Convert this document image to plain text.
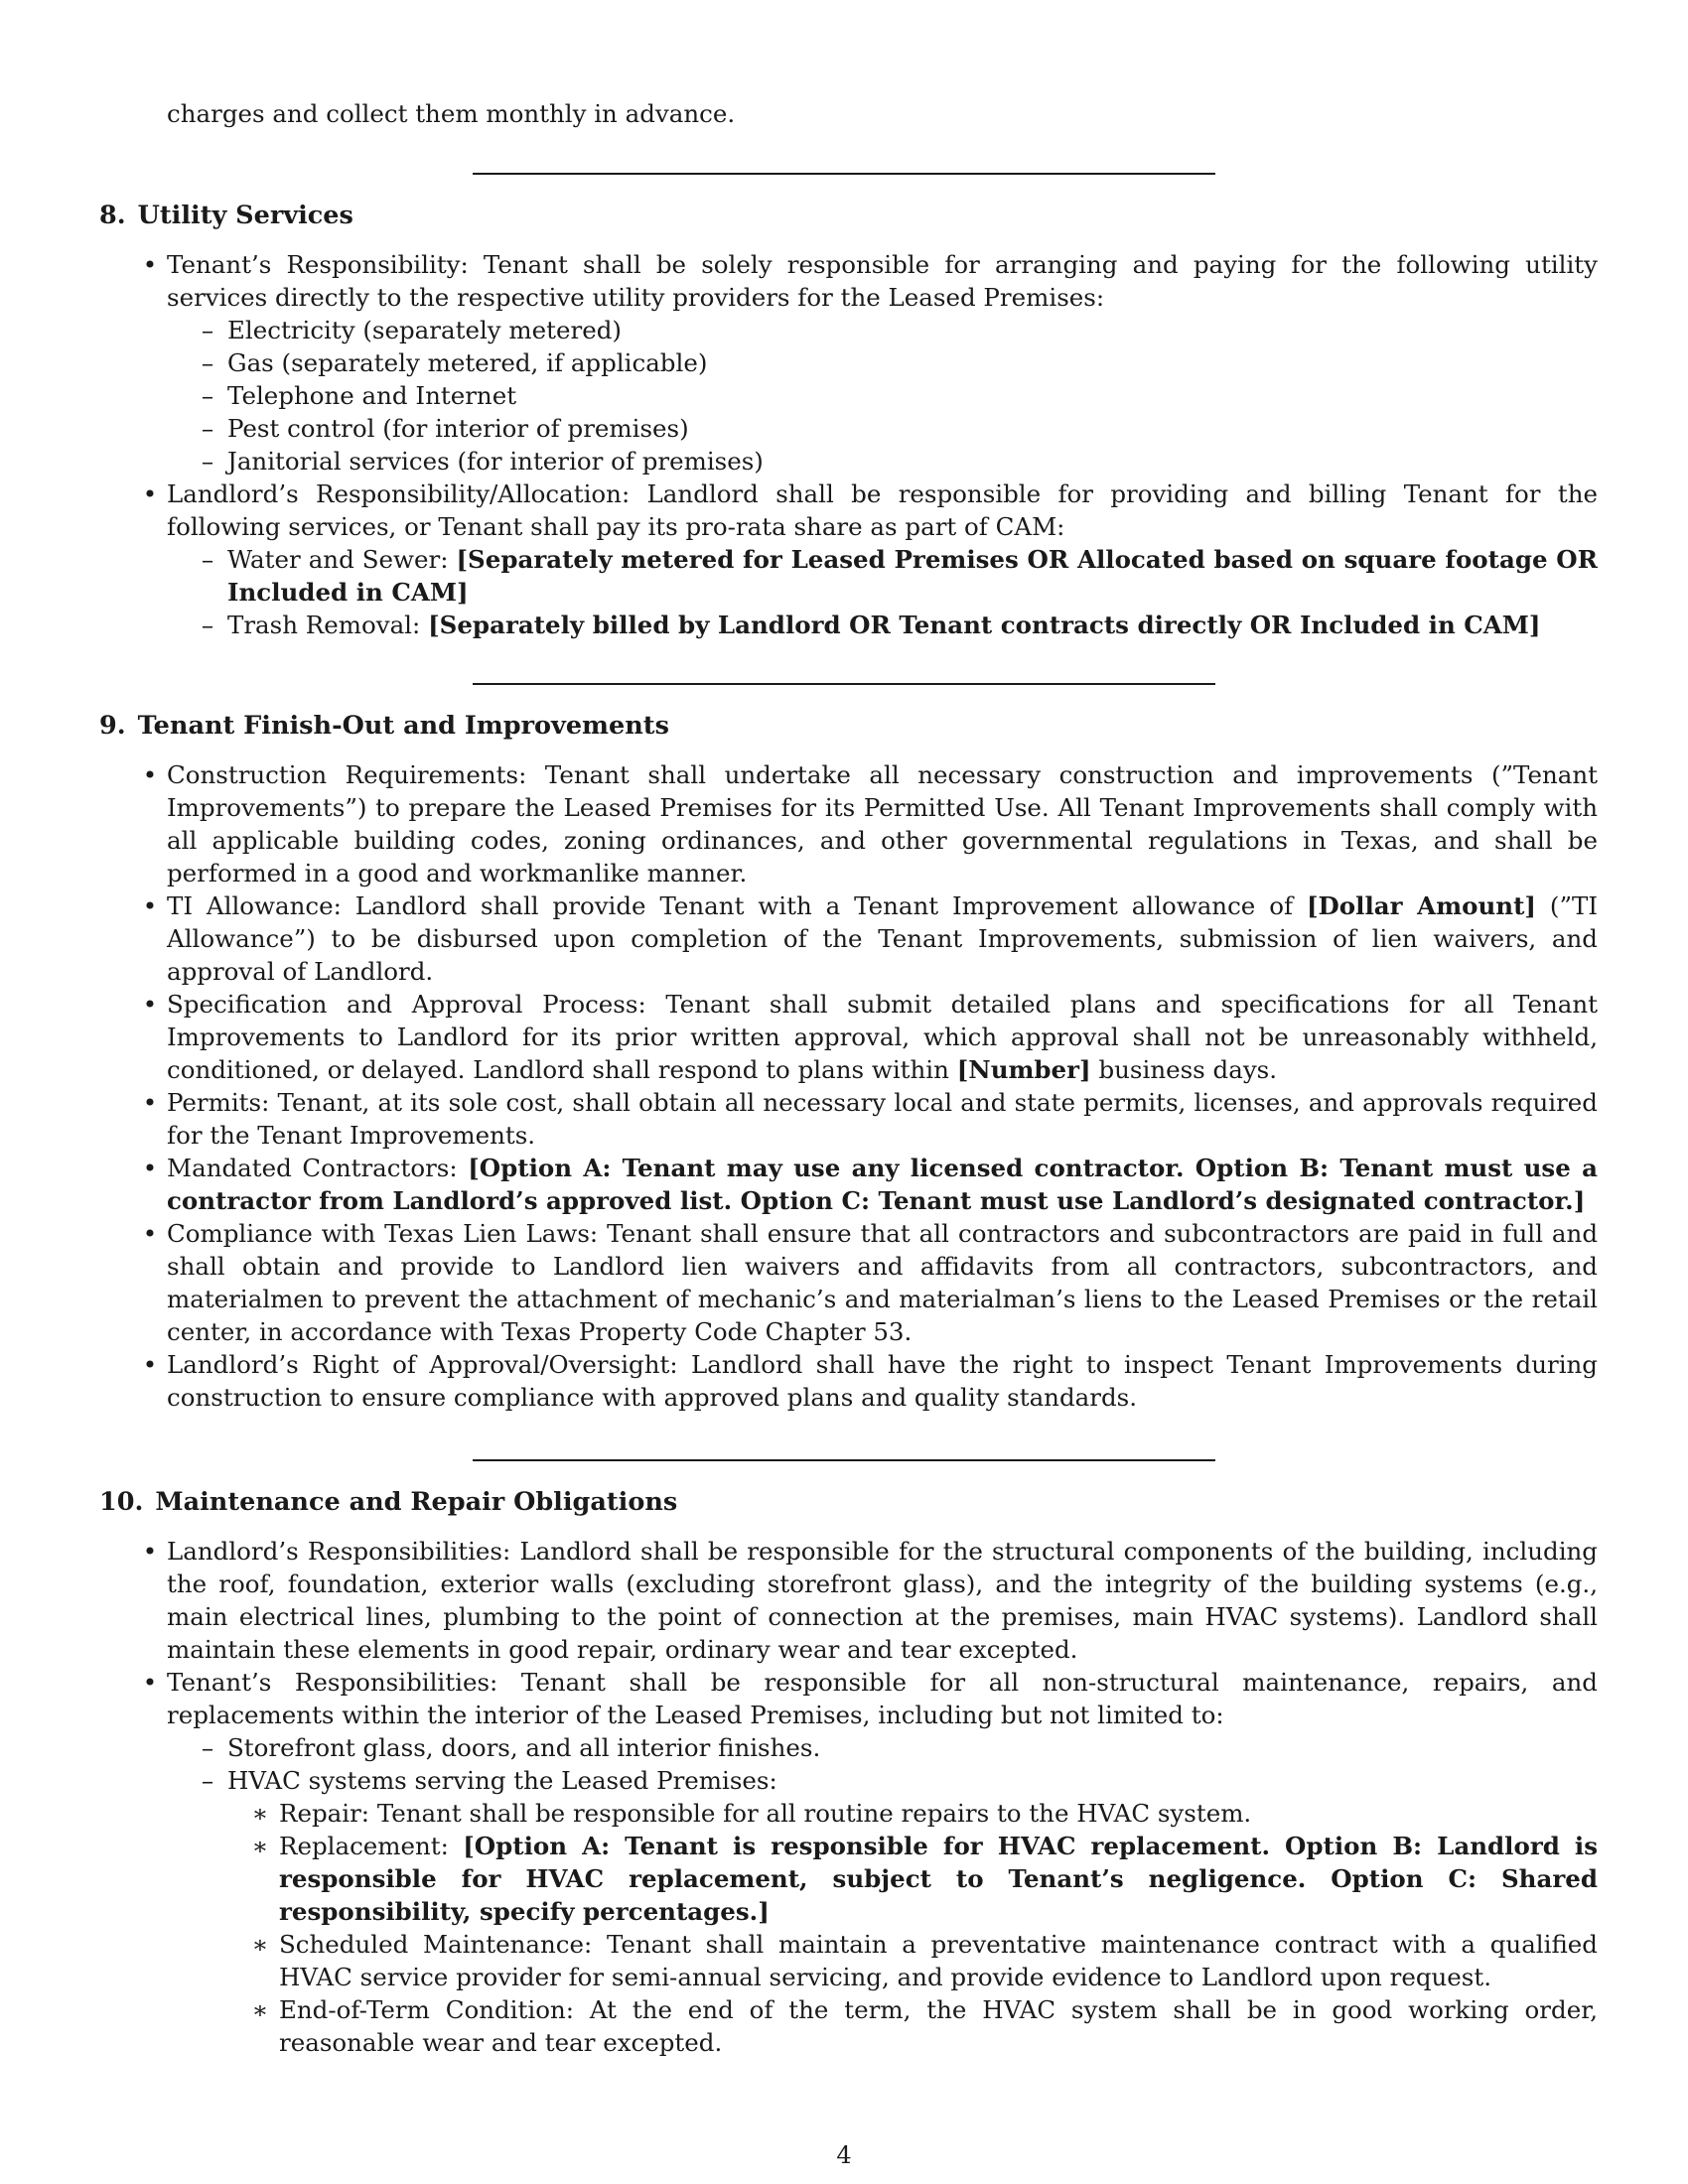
charges and collect them monthly in advance.

8. Utility Services
• Tenant’s Responsibility: Tenant shall be solely responsible for arranging and paying for the following utility services directly to the respective utility providers for the Leased Premises:

– Electricity (separately metered)

– Gas (separately metered, if applicable)

– Telephone and Internet

– Pest control (for interior of premises)

– Janitorial services (for interior of premises)

• Landlord’s Responsibility/Allocation: Landlord shall be responsible for providing and billing Tenant for the following services, or Tenant shall pay its pro-rata share as part of CAM:

– Water and Sewer: [Separately metered for Leased Premises OR Allocated based on square footage OR Included in CAM]

– Trash Removal: [Separately billed by Landlord OR Tenant contracts directly OR Included in CAM]

9. Tenant Finish-Out and Improvements
• Construction Requirements: Tenant shall undertake all necessary construction and improvements (”Tenant Improvements”) to prepare the Leased Premises for its Permitted Use. All Tenant Improvements shall comply with all applicable building codes, zoning ordinances, and other governmental regulations in Texas, and shall be performed in a good and workmanlike manner.

• TI Allowance: Landlord shall provide Tenant with a Tenant Improvement allowance of [Dollar Amount] (”TI Allowance”) to be disbursed upon completion of the Tenant Improvements, submission of lien waivers, and approval of Landlord.

• Specification and Approval Process: Tenant shall submit detailed plans and specifications for all Tenant Improvements to Landlord for its prior written approval, which approval shall not be unreasonably withheld, conditioned, or delayed. Landlord shall respond to plans within [Number] business days.

• Permits: Tenant, at its sole cost, shall obtain all necessary local and state permits, licenses, and approvals required for the Tenant Improvements.

• Mandated Contractors: [Option A: Tenant may use any licensed contractor. Option B: Tenant must use a contractor from Landlord’s approved list. Option C: Tenant must use Landlord’s designated contractor.]

• Compliance with Texas Lien Laws: Tenant shall ensure that all contractors and subcontractors are paid in full and shall obtain and provide to Landlord lien waivers and affidavits from all contractors, subcontractors, and materialmen to prevent the attachment of mechanic’s and materialman’s liens to the Leased Premises or the retail center, in accordance with Texas Property Code Chapter 53.

• Landlord’s Right of Approval/Oversight: Landlord shall have the right to inspect Tenant Improvements during construction to ensure compliance with approved plans and quality standards.

10. Maintenance and Repair Obligations
• Landlord’s Responsibilities: Landlord shall be responsible for the structural components of the building, including the roof, foundation, exterior walls (excluding storefront glass), and the integrity of the building systems (e.g., main electrical lines, plumbing to the point of connection at the premises, main HVAC systems). Landlord shall maintain these elements in good repair, ordinary wear and tear excepted.

• Tenant’s Responsibilities: Tenant shall be responsible for all non-structural maintenance, repairs, and replacements within the interior of the Leased Premises, including but not limited to:

– Storefront glass, doors, and all interior finishes.

– HVAC systems serving the Leased Premises:

∗ Repair: Tenant shall be responsible for all routine repairs to the HVAC system.

∗ Replacement: [Option A: Tenant is responsible for HVAC replacement. Option B: Landlord is responsible for HVAC replacement, subject to Tenant’s negligence. Option C: Shared responsibility, specify percentages.]

∗ Scheduled Maintenance: Tenant shall maintain a preventative maintenance contract with a qualified HVAC service provider for semi-annual servicing, and provide evidence to Landlord upon request.

∗ End-of-Term Condition: At the end of the term, the HVAC system shall be in good working order, reasonable wear and tear excepted.

4
